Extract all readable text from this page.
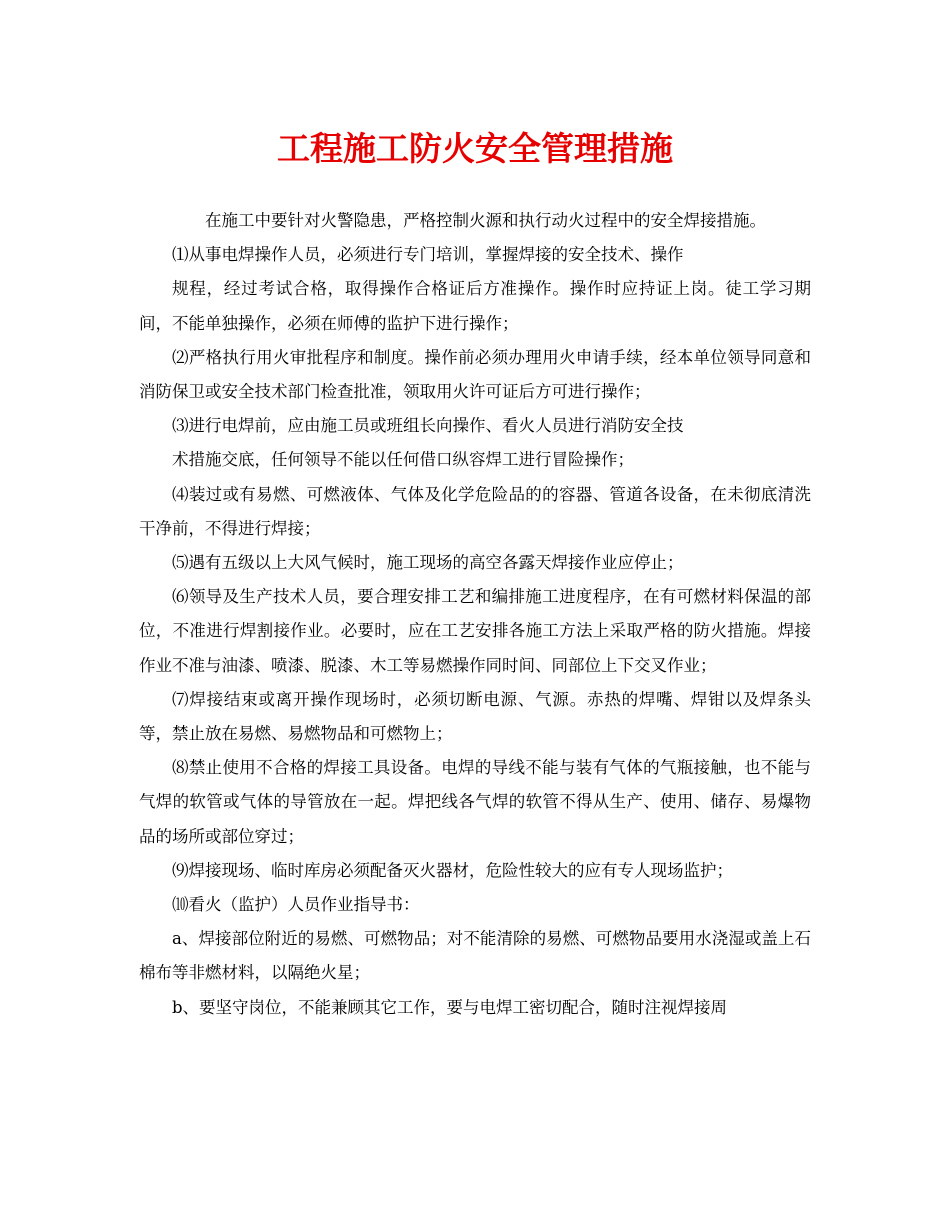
工程施工防火安全管理措施

在施工中要针对火警隐患，严格控制火源和执行动火过程中的安全焊接措施。

⑴从事电焊操作人员，必须进行专门培训，掌握焊接的安全技术、操作

规程，经过考试合格，取得操作合格证后方准操作。操作时应持证上岗。徒工学习期间，不能单独操作，必须在师傅的监护下进行操作；

⑵严格执行用火审批程序和制度。操作前必须办理用火申请手续，经本单位领导同意和消防保卫或安全技术部门检查批准，领取用火许可证后方可进行操作；

⑶进行电焊前，应由施工员或班组长向操作、看火人员进行消防安全技

术措施交底，任何领导不能以任何借口纵容焊工进行冒险操作；

⑷装过或有易燃、可燃液体、气体及化学危险品的的容器、管道各设备，在未彻底清洗干净前，不得进行焊接；

⑸遇有五级以上大风气候时，施工现场的高空各露天焊接作业应停止；

⑹领导及生产技术人员，要合理安排工艺和编排施工进度程序，在有可燃材料保温的部位，不准进行焊割接作业。必要时，应在工艺安排各施工方法上采取严格的防火措施。焊接作业不准与油漆、喷漆、脱漆、木工等易燃操作同时间、同部位上下交叉作业；

⑺焊接结束或离开操作现场时，必须切断电源、气源。赤热的焊嘴、焊钳以及焊条头等，禁止放在易燃、易燃物品和可燃物上；

⑻禁止使用不合格的焊接工具设备。电焊的导线不能与装有气体的气瓶接触，也不能与气焊的软管或气体的导管放在一起。焊把线各气焊的软管不得从生产、使用、储存、易爆物品的场所或部位穿过；

⑼焊接现场、临时库房必须配备灭火器材，危险性较大的应有专人现场监护；

⑽看火（监护）人员作业指导书：

a、焊接部位附近的易燃、可燃物品；对不能清除的易燃、可燃物品要用水浇湿或盖上石棉布等非燃材料，以隔绝火星；

b、要坚守岗位，不能兼顾其它工作，要与电焊工密切配合，随时注视焊接周
